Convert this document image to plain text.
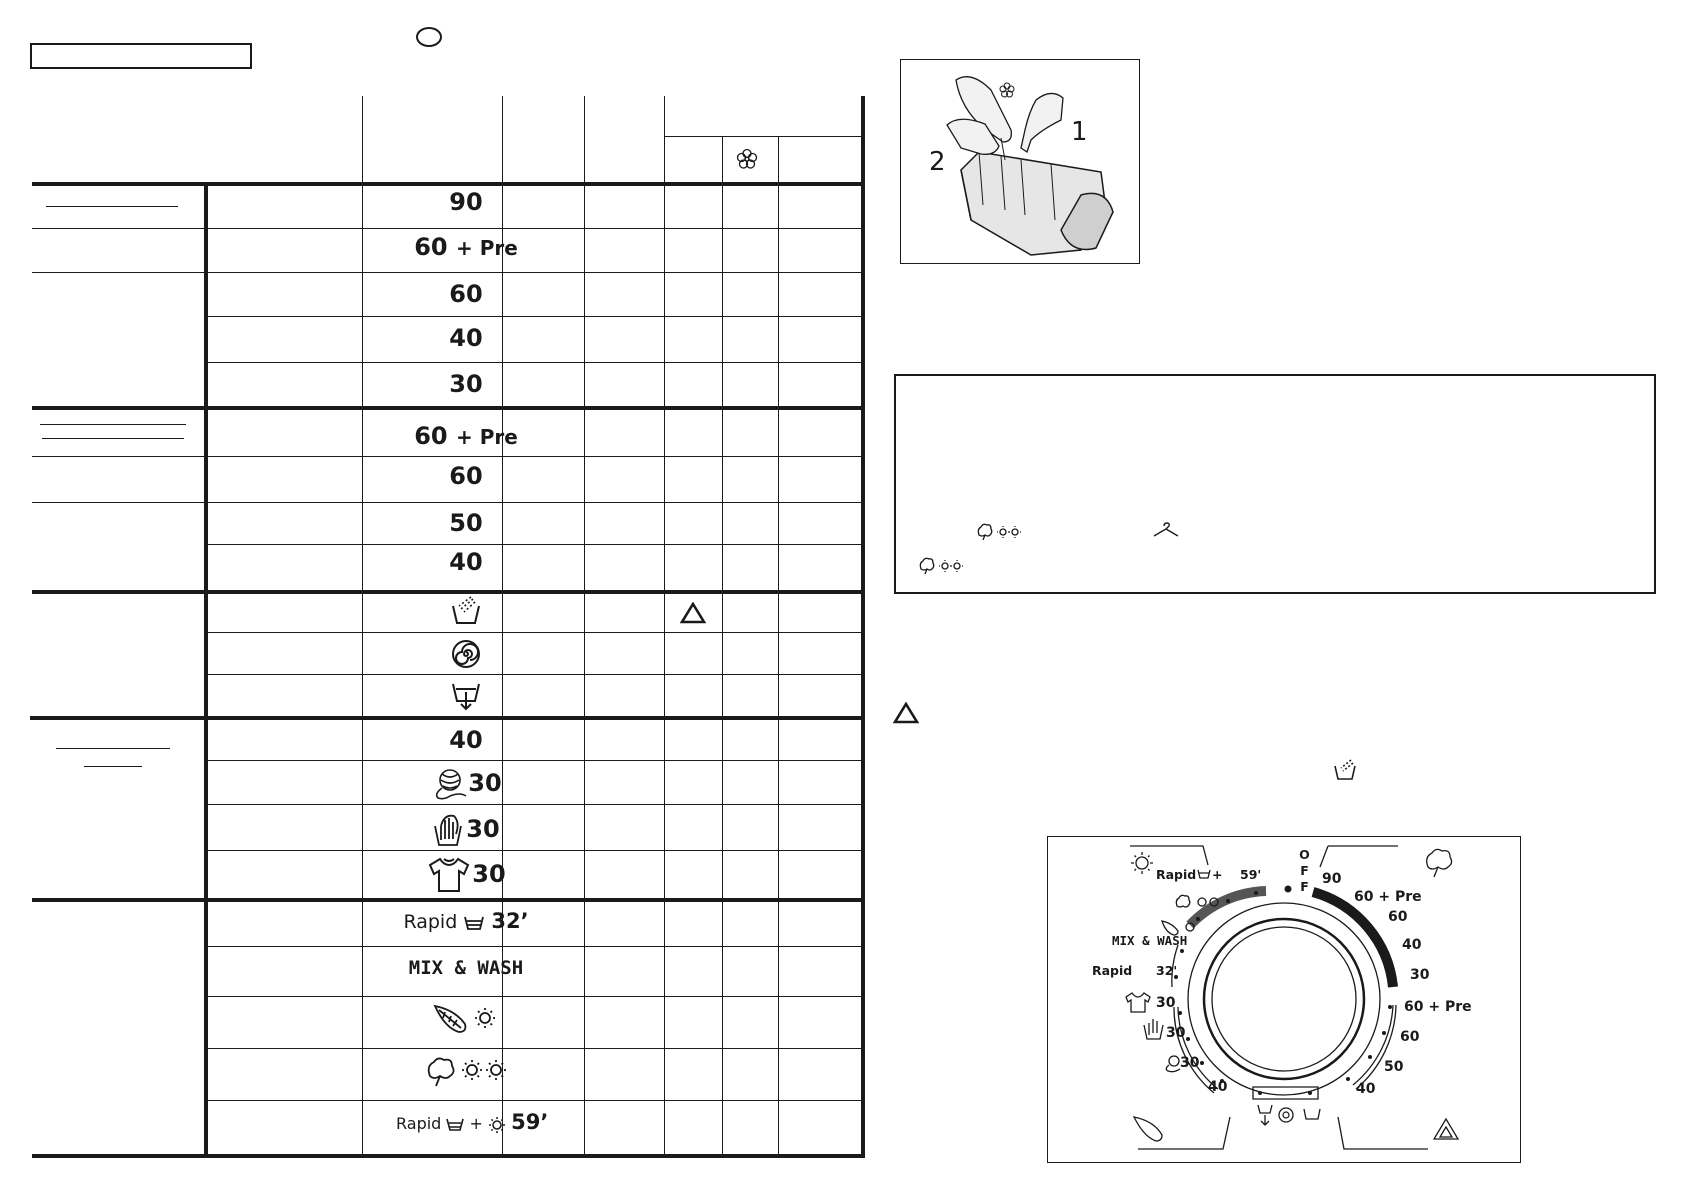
90
60 + Pre
60
40
30
60 + Pre
60
50
40
40
30
30
30
Rapid 32’
MIX & WASH
Rapid + 59’
1
2
OFF
90
60 + Pre
60
40
30
60 + Pre
60
50
40
Rapid + 59'
MIX & WASH
Rapid 32'
30
30
30
40
